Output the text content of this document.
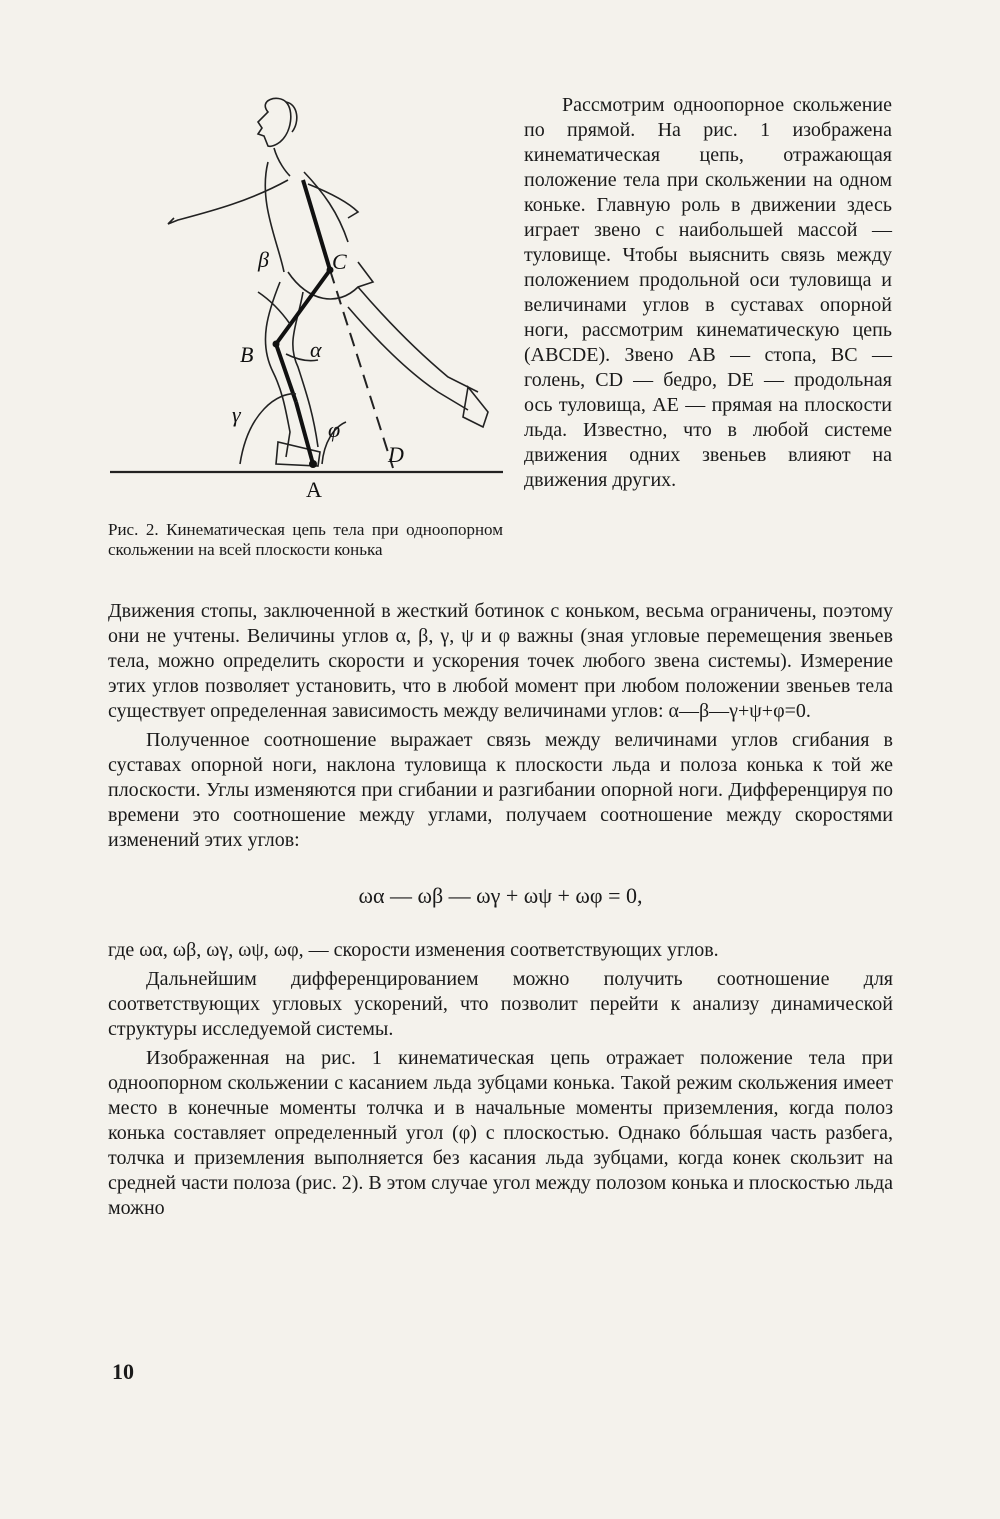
A
B
C
D
α
β
γ
φ
Рис. 2. Кинематическая цепь тела при одноопорном скольжении на всей плоскости конька

Рассмотрим одноопорное скольжение по прямой. На рис. 1 изображена кинематическая цепь, отражающая положение тела при скольжении на одном коньке. Главную роль в движении здесь играет звено с наибольшей массой — туловище. Чтобы выяснить связь между положением продольной оси туловища и величинами углов в суставах опорной ноги, рассмотрим кинематическую цепь (ABCDE). Звено AB — стопа, BC — голень, CD — бедро, DE — продольная ось туловища, AE — прямая на плоскости льда. Известно, что в любой системе движения одних звеньев влияют на движения других.

Движения стопы, заключенной в жесткий ботинок с коньком, весьма ограничены, поэтому они не учтены. Величины углов α, β, γ, ψ и φ важны (зная угловые перемещения звеньев тела, можно определить скорости и ускорения точек любого звена системы). Измерение этих углов позволяет установить, что в любой момент при любом положении звеньев тела существует определенная зависимость между величинами углов: α—β—γ+ψ+φ=0.

Полученное соотношение выражает связь между величинами углов сгибания в суставах опорной ноги, наклона туловища к плоскости льда и полоза конька к той же плоскости. Углы изменяются при сгибании и разгибании опорной ноги. Дифференцируя по времени это соотношение между углами, получаем соотношение между скоростями изменений этих углов:

ωα — ωβ — ωγ + ωψ + ωφ = 0,

где ωα, ωβ, ωγ, ωψ, ωφ, — скорости изменения соответствующих углов.

Дальнейшим дифференцированием можно получить соотношение для соответствующих угловых ускорений, что позволит перейти к анализу динамической структуры исследуемой системы.

Изображенная на рис. 1 кинематическая цепь отражает положение тела при одноопорном скольжении с касанием льда зубцами конька. Такой режим скольжения имеет место в конечные моменты толчка и в начальные моменты приземления, когда полоз конька составляет определенный угол (φ) с плоскостью. Однако бóльшая часть разбега, толчка и приземления выполняется без касания льда зубцами, когда конек скользит на средней части полоза (рис. 2). В этом случае угол между полозом конька и плоскостью льда можно

10
